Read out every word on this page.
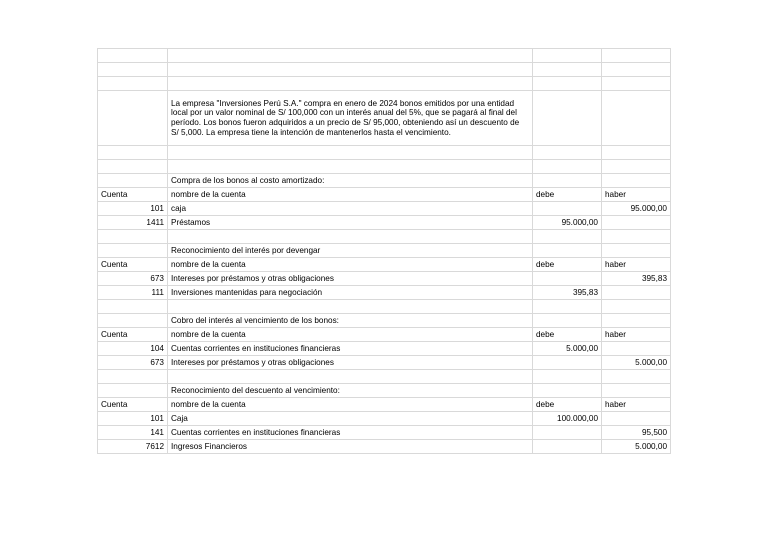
	La empresa "Inversiones Perú S.A." compra en enero de 2024 bonos emitidos por una entidad local por un valor nominal de S/ 100,000 con un interés anual del 5%, que se pagará al final del período. Los bonos fueron adquiridos a un precio de S/ 95,000, obteniendo así un descuento de S/ 5,000. La empresa tiene la intención de mantenerlos hasta el vencimiento.		

	Compra de los bonos al costo amortizado:		
Cuenta	nombre de la cuenta	debe	haber
101	caja		95.000,00
1411	Préstamos	95.000,00	

	Reconocimiento del interés por devengar		
Cuenta	nombre de la cuenta	debe	haber
673	Intereses por préstamos y otras obligaciones		395,83
111	Inversiones mantenidas para negociación	395,83	

	Cobro del interés al vencimiento de los bonos:		
Cuenta	nombre de la cuenta	debe	haber
104	Cuentas corrientes en instituciones financieras	5.000,00	
673	Intereses por préstamos y otras obligaciones		5.000,00

	Reconocimiento del descuento al vencimiento:		
Cuenta	nombre de la cuenta	debe	haber
101	Caja	100.000,00	
141	Cuentas corrientes en instituciones financieras		95,500
7612	Ingresos Financieros		5.000,00
